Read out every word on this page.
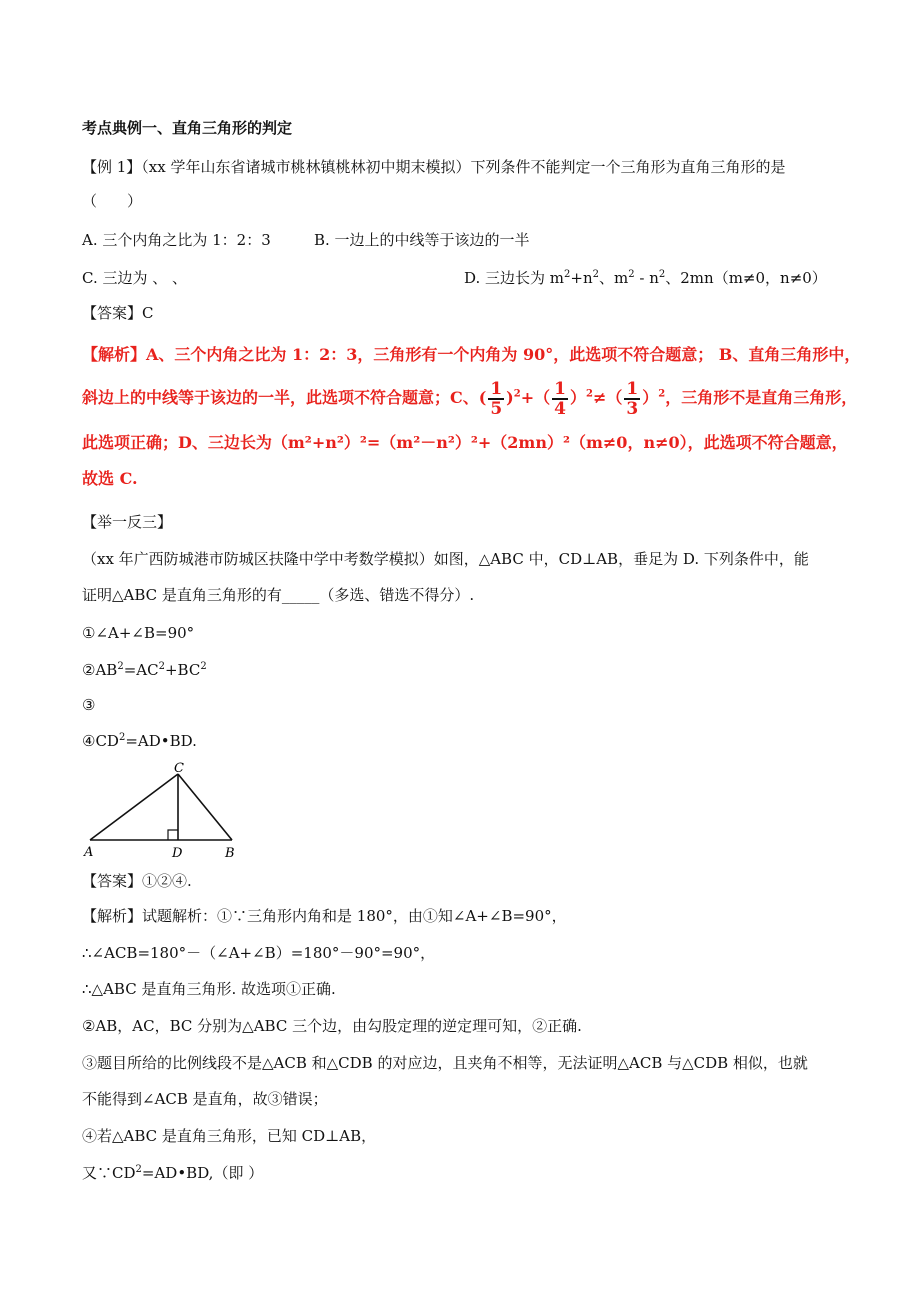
考点典例一、直角三角形的判定
【例 1】（xx 学年山东省诸城市桃林镇桃林初中期末模拟）下列条件不能判定一个三角形为直角三角形的是
（　　）
A. 三个内角之比为 1：2：3	B. 一边上的中线等于该边的一半
C. 三边为 、 、	D. 三边长为 $m^2+n^2$、$m^2 - n^2$、2mn（m≠0，n≠0）
【答案】C
【解析】A、三个内角之比为 1：2：3，三角形有一个内角为 90°，此选项不符合题意； B、直角三角形中，
斜边上的中线等于该边的一半，此选项不符合题意；C、( $\frac{1}{5} )^2+( \frac{1}{4} )^2\ne( \frac{1}{3} )^2$，三角形不是直角三角形，
此选项正确；D、三边长为（m²+n²）²=（m²－n²）²+（2mn）²（m≠0，n≠0），此选项不符合题意，
故选 C.
【举一反三】
（xx 年广西防城港市防城区扶隆中学中考数学模拟）如图，△ABC 中，CD⊥AB，垂足为 D. 下列条件中，能
证明△ABC 是直角三角形的有_____（多选、错选不得分）.
①∠A+∠B=90°
$②AB^2=AC^2+BC^2$
③
$④CD^2=AD•BD$.
C
A	D	B
【答案】①②④.
【解析】试题解析：①∵三角形内角和是 180°，由①知∠A+∠B=90°，
∴∠ACB=180°－（∠A+∠B）=180°－90°=90°，
∴△ABC 是直角三角形. 故选项①正确.
②AB，AC，BC 分别为△ABC 三个边，由勾股定理的逆定理可知，②正确.
③题目所给的比例线段不是△ACB 和△CDB 的对应边，且夹角不相等，无法证明△ACB 与△CDB 相似，也就
不能得到∠ACB 是直角，故③错误；
④若△ABC 是直角三角形，已知 CD⊥AB，
又$\because CD^2=AD•BD$,（即 ）
